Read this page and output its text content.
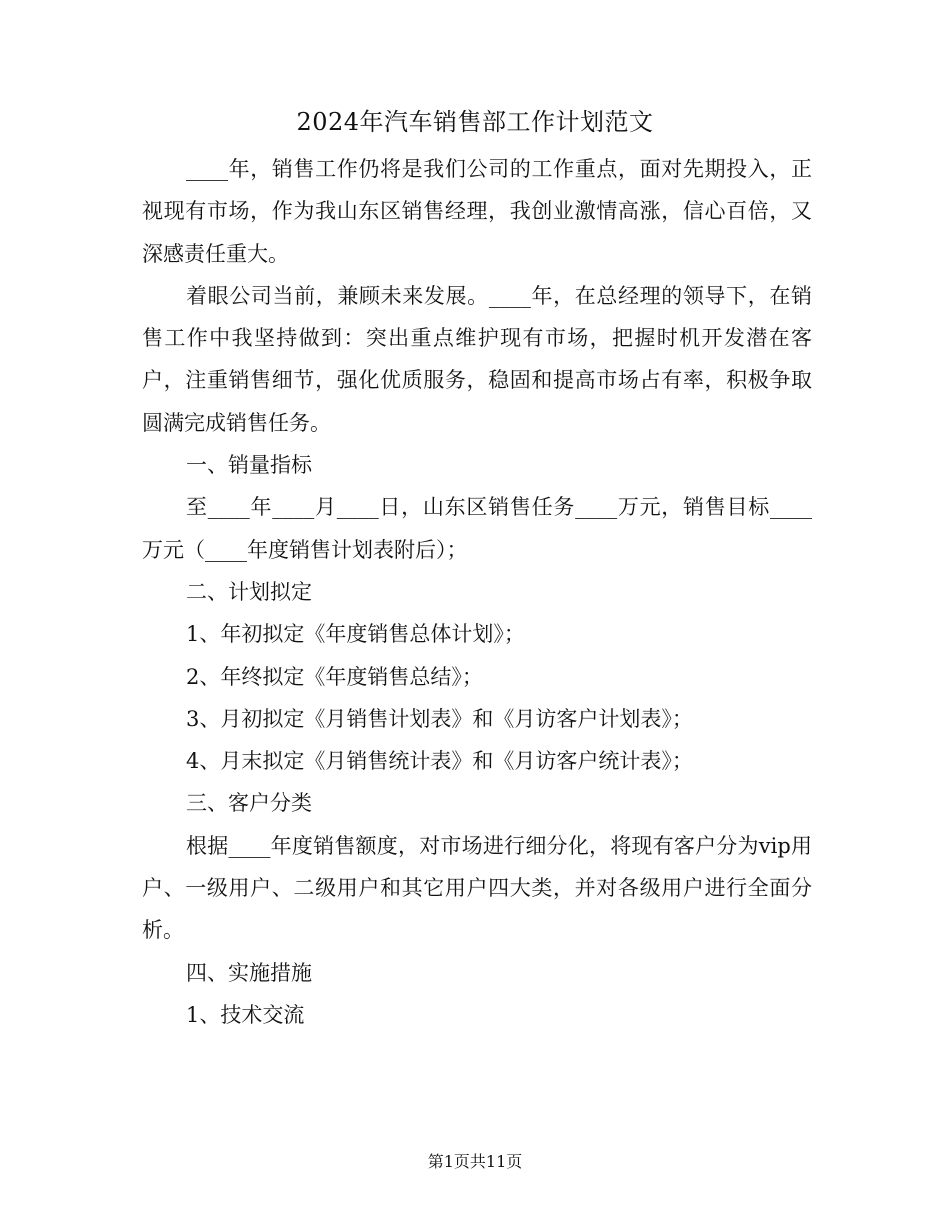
2024年汽车销售部工作计划范文

____年，销售工作仍将是我们公司的工作重点，面对先期投入，正视现有市场，作为我山东区销售经理，我创业激情高涨，信心百倍，又深感责任重大。

着眼公司当前，兼顾未来发展。____年，在总经理的领导下，在销售工作中我坚持做到：突出重点维护现有市场，把握时机开发潜在客户，注重销售细节，强化优质服务，稳固和提高市场占有率，积极争取圆满完成销售任务。

一、销量指标

至____年____月____日，山东区销售任务____万元，销售目标____万元（____年度销售计划表附后）；

二、计划拟定

1、年初拟定《年度销售总体计划》；

2、年终拟定《年度销售总结》；

3、月初拟定《月销售计划表》和《月访客户计划表》；

4、月末拟定《月销售统计表》和《月访客户统计表》；

三、客户分类

根据____年度销售额度，对市场进行细分化，将现有客户分为vip用户、一级用户、二级用户和其它用户四大类，并对各级用户进行全面分析。

四、实施措施

1、技术交流

第1页共11页
